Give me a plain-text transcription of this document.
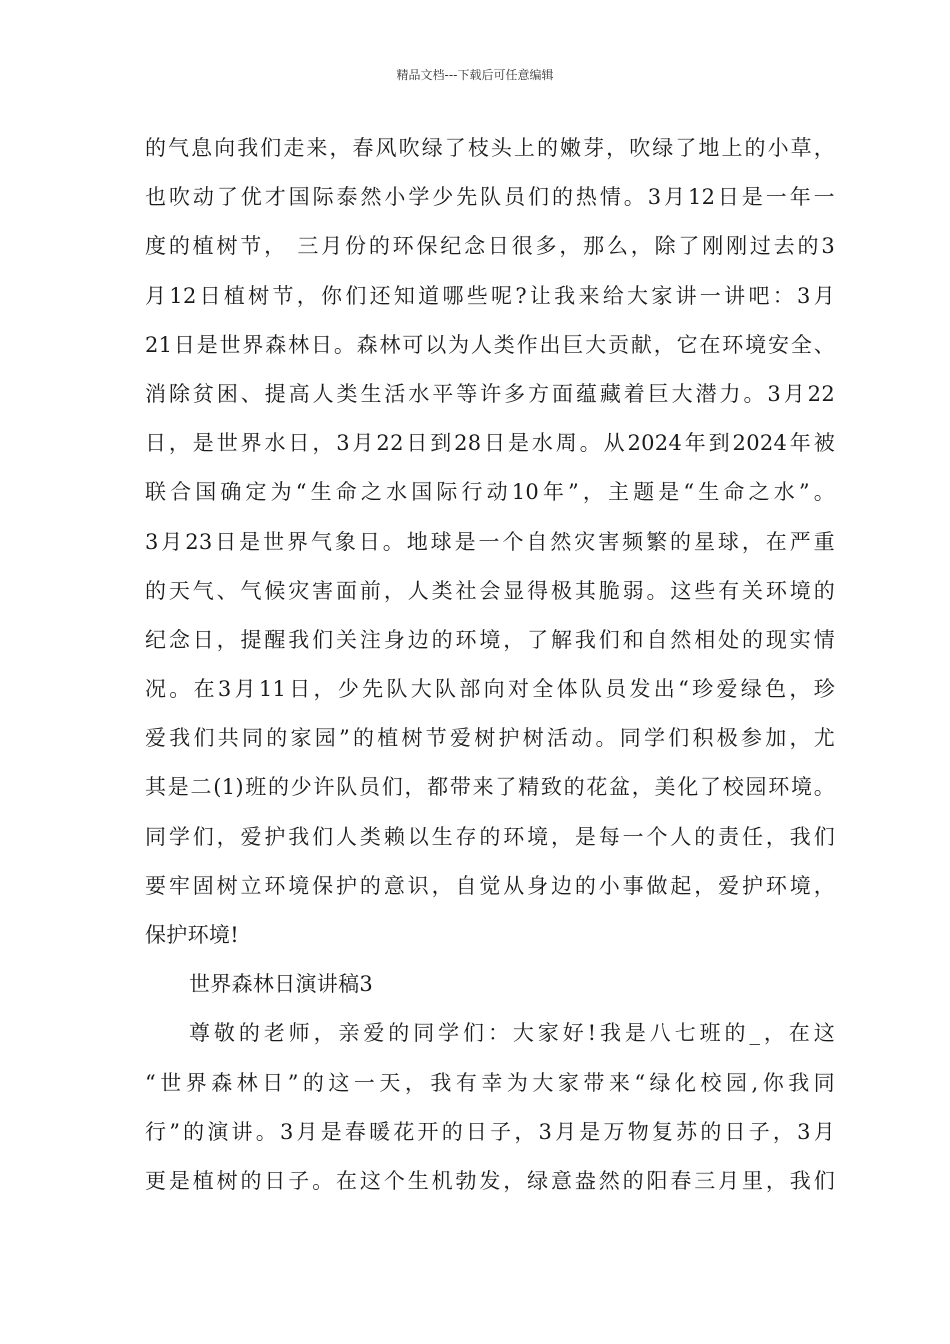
精品文档---下载后可任意编辑
的气息向我们走来，春风吹绿了枝头上的嫩芽，吹绿了地上的小草，
也吹动了优才国际泰然小学少先队员们的热情。3月12日是一年一
度的植树节， 三月份的环保纪念日很多，那么，除了刚刚过去的3
月12日植树节，你们还知道哪些呢?让我来给大家讲一讲吧：3月
21日是世界森林日。森林可以为人类作出巨大贡献，它在环境安全、
消除贫困、提高人类生活水平等许多方面蕴藏着巨大潜力。3月22
日，是世界水日，3月22日到28日是水周。从2024年到2024年被
联合国确定为“生命之水国际行动10年”，主题是“生命之水”。
3月23日是世界气象日。地球是一个自然灾害频繁的星球，在严重
的天气、气候灾害面前，人类社会显得极其脆弱。这些有关环境的
纪念日，提醒我们关注身边的环境，了解我们和自然相处的现实情
况。在3月11日，少先队大队部向对全体队员发出“珍爱绿色，珍
爱我们共同的家园”的植树节爱树护树活动。同学们积极参加，尤
其是二(1)班的少许队员们，都带来了精致的花盆，美化了校园环境。
同学们，爱护我们人类赖以生存的环境，是每一个人的责任，我们
要牢固树立环境保护的意识，自觉从身边的小事做起，爱护环境，
保护环境!
世界森林日演讲稿3
尊敬的老师，亲爱的同学们：大家好!我是八七班的_，在这
“世界森林日”的这一天，我有幸为大家带来“绿化校园,你我同
行”的演讲。3月是春暖花开的日子，3月是万物复苏的日子，3月
更是植树的日子。在这个生机勃发，绿意盎然的阳春三月里，我们
